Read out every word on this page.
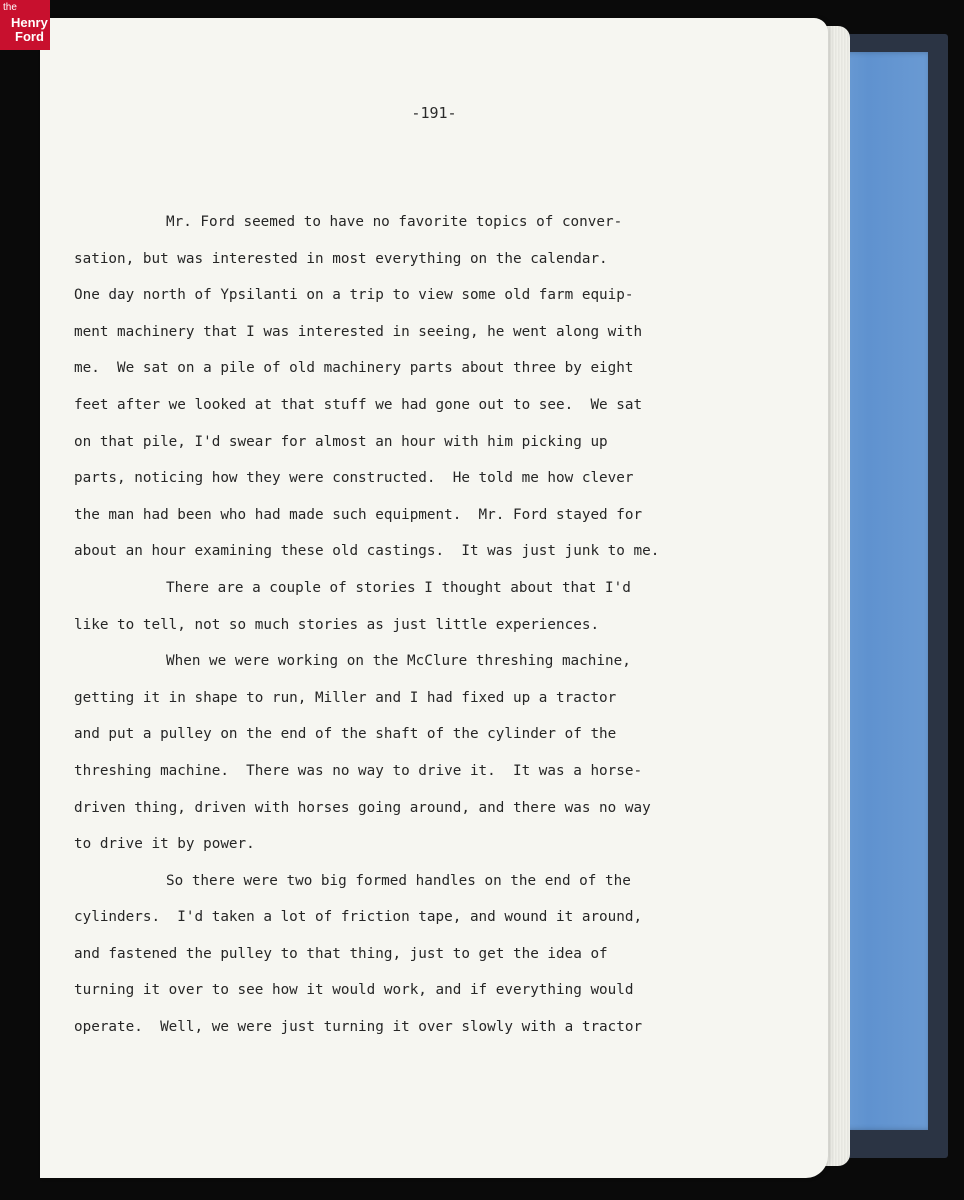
-191-
Mr. Ford seemed to have no favorite topics of conver-
sation, but was interested in most everything on the calendar.
One day north of Ypsilanti on a trip to view some old farm equip-
ment machinery that I was interested in seeing, he went along with
me.  We sat on a pile of old machinery parts about three by eight
feet after we looked at that stuff we had gone out to see.  We sat
on that pile, I'd swear for almost an hour with him picking up
parts, noticing how they were constructed.  He told me how clever
the man had been who had made such equipment.  Mr. Ford stayed for
about an hour examining these old castings.  It was just junk to me.
There are a couple of stories I thought about that I'd
like to tell, not so much stories as just little experiences.
When we were working on the McClure threshing machine,
getting it in shape to run, Miller and I had fixed up a tractor
and put a pulley on the end of the shaft of the cylinder of the
threshing machine.  There was no way to drive it.  It was a horse-
driven thing, driven with horses going around, and there was no way
to drive it by power.
So there were two big formed handles on the end of the
cylinders.  I'd taken a lot of friction tape, and wound it around,
and fastened the pulley to that thing, just to get the idea of
turning it over to see how it would work, and if everything would
operate.  Well, we were just turning it over slowly with a tractor
the
Henry
Ford
